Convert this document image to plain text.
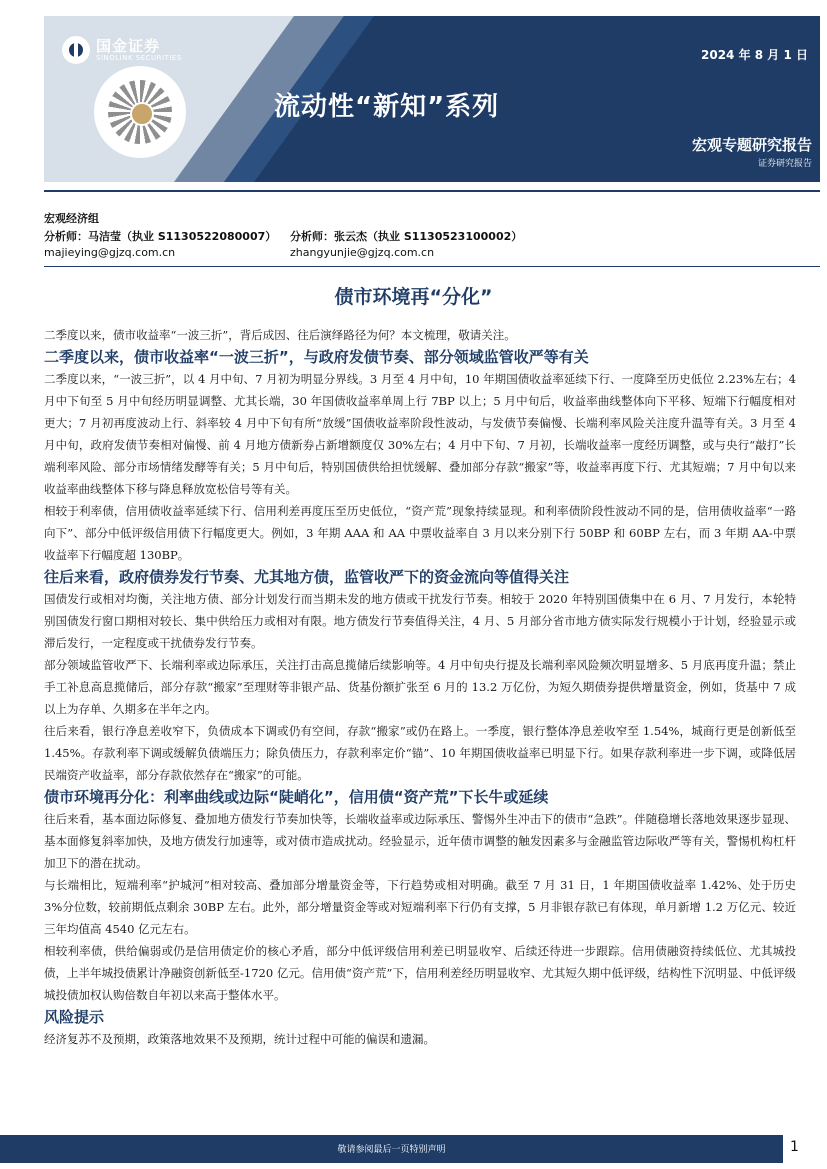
国金证券
SINOLINK SECURITIES	2024 年 8 月 1 日
流动性“新知”系列
宏观专题研究报告
证券研究报告
宏观经济组
分析师：马洁莹（执业 S1130522080007）
majieying@gjzq.com.cn
分析师：张云杰（执业 S1130523100002）
zhangyunjie@gjzq.com.cn
债市环境再“分化”

二季度以来，债市收益率“一波三折”，背后成因、往后演绎路径为何？本文梳理，敬请关注。

二季度以来，债市收益率“一波三折”，与政府发债节奏、部分领域监管收严等有关

二季度以来，“一波三折”，以 4 月中旬、7 月初为明显分界线。3 月至 4 月中旬，10 年期国债收益率延续下行、一度降至历史低位 2.23%左右；4 月中下旬至 5 月中旬经历明显调整、尤其长端，30 年国债收益率单周上行 7BP 以上；5 月中旬后，收益率曲线整体向下平移、短端下行幅度相对更大；7 月初再度波动上行、斜率较 4 月中下旬有所“放缓”国债收益率阶段性波动，与发债节奏偏慢、长端利率风险关注度升温等有关。3 月至 4 月中旬，政府发债节奏相对偏慢、前 4 月地方债新券占新增额度仅 30%左右；4 月中下旬、7 月初，长端收益率一度经历调整，或与央行“敲打”长端利率风险、部分市场情绪发酵等有关；5 月中旬后，特别国债供给担忧缓解、叠加部分存款“搬家”等，收益率再度下行、尤其短端；7 月中旬以来收益率曲线整体下移与降息释放宽松信号等有关。

相较于利率债，信用债收益率延续下行、信用利差再度压至历史低位，“资产荒”现象持续显现。和利率债阶段性波动不同的是，信用债收益率“一路向下”、部分中低评级信用债下行幅度更大。例如，3 年期 AAA 和 AA 中票收益率自 3 月以来分别下行 50BP 和 60BP 左右，而 3 年期 AA-中票收益率下行幅度超 130BP。

往后来看，政府债券发行节奏、尤其地方债，监管收严下的资金流向等值得关注

国债发行或相对均衡，关注地方债、部分计划发行而当期未发的地方债或干扰发行节奏。相较于 2020 年特别国债集中在 6 月、7 月发行，本轮特别国债发行窗口期相对较长、集中供给压力或相对有限。地方债发行节奏值得关注，4 月、5 月部分省市地方债实际发行规模小于计划，经验显示或滞后发行，一定程度或干扰债券发行节奏。

部分领域监管收严下、长端利率或边际承压，关注打击高息揽储后续影响等。4 月中旬央行提及长端利率风险频次明显增多、5 月底再度升温；禁止手工补息高息揽储后，部分存款“搬家”至理财等非银产品、货基份额扩张至 6 月的 13.2 万亿份，为短久期债券提供增量资金，例如，货基中 7 成以上为存单、久期多在半年之内。

往后来看，银行净息差收窄下，负债成本下调或仍有空间，存款“搬家”或仍在路上。一季度，银行整体净息差收窄至 1.54%，城商行更是创新低至 1.45%。存款利率下调或缓解负债端压力；除负债压力，存款利率定价“锚”、10 年期国债收益率已明显下行。如果存款利率进一步下调，或降低居民端资产收益率，部分存款依然存在“搬家”的可能。

债市环境再分化：利率曲线或边际“陡峭化”，信用债“资产荒”下长牛或延续

往后来看，基本面边际修复、叠加地方债发行节奏加快等，长端收益率或边际承压、警惕外生冲击下的债市“急跌”。伴随稳增长落地效果逐步显现、基本面修复斜率加快，及地方债发行加速等，或对债市造成扰动。经验显示，近年债市调整的触发因素多与金融监管边际收严等有关，警惕机构杠杆加卫下的潜在扰动。

与长端相比，短端利率“护城河”相对较高、叠加部分增量资金等，下行趋势或相对明确。截至 7 月 31 日，1 年期国债收益率 1.42%、处于历史 3%分位数，较前期低点剩余 30BP 左右。此外，部分增量资金等或对短端利率下行仍有支撑，5 月非银存款已有体现，单月新增 1.2 万亿元、较近三年均值高 4540 亿元左右。

相较利率债，供给偏弱或仍是信用债定价的核心矛盾，部分中低评级信用利差已明显收窄、后续还待进一步跟踪。信用债融资持续低位、尤其城投债，上半年城投债累计净融资创新低至-1720 亿元。信用债“资产荒”下，信用利差经历明显收窄、尤其短久期中低评级，结构性下沉明显、中低评级城投债加权认购倍数自年初以来高于整体水平。

风险提示

经济复苏不及预期，政策落地效果不及预期，统计过程中可能的偏误和遗漏。

敬请参阅最后一页特别声明	1
